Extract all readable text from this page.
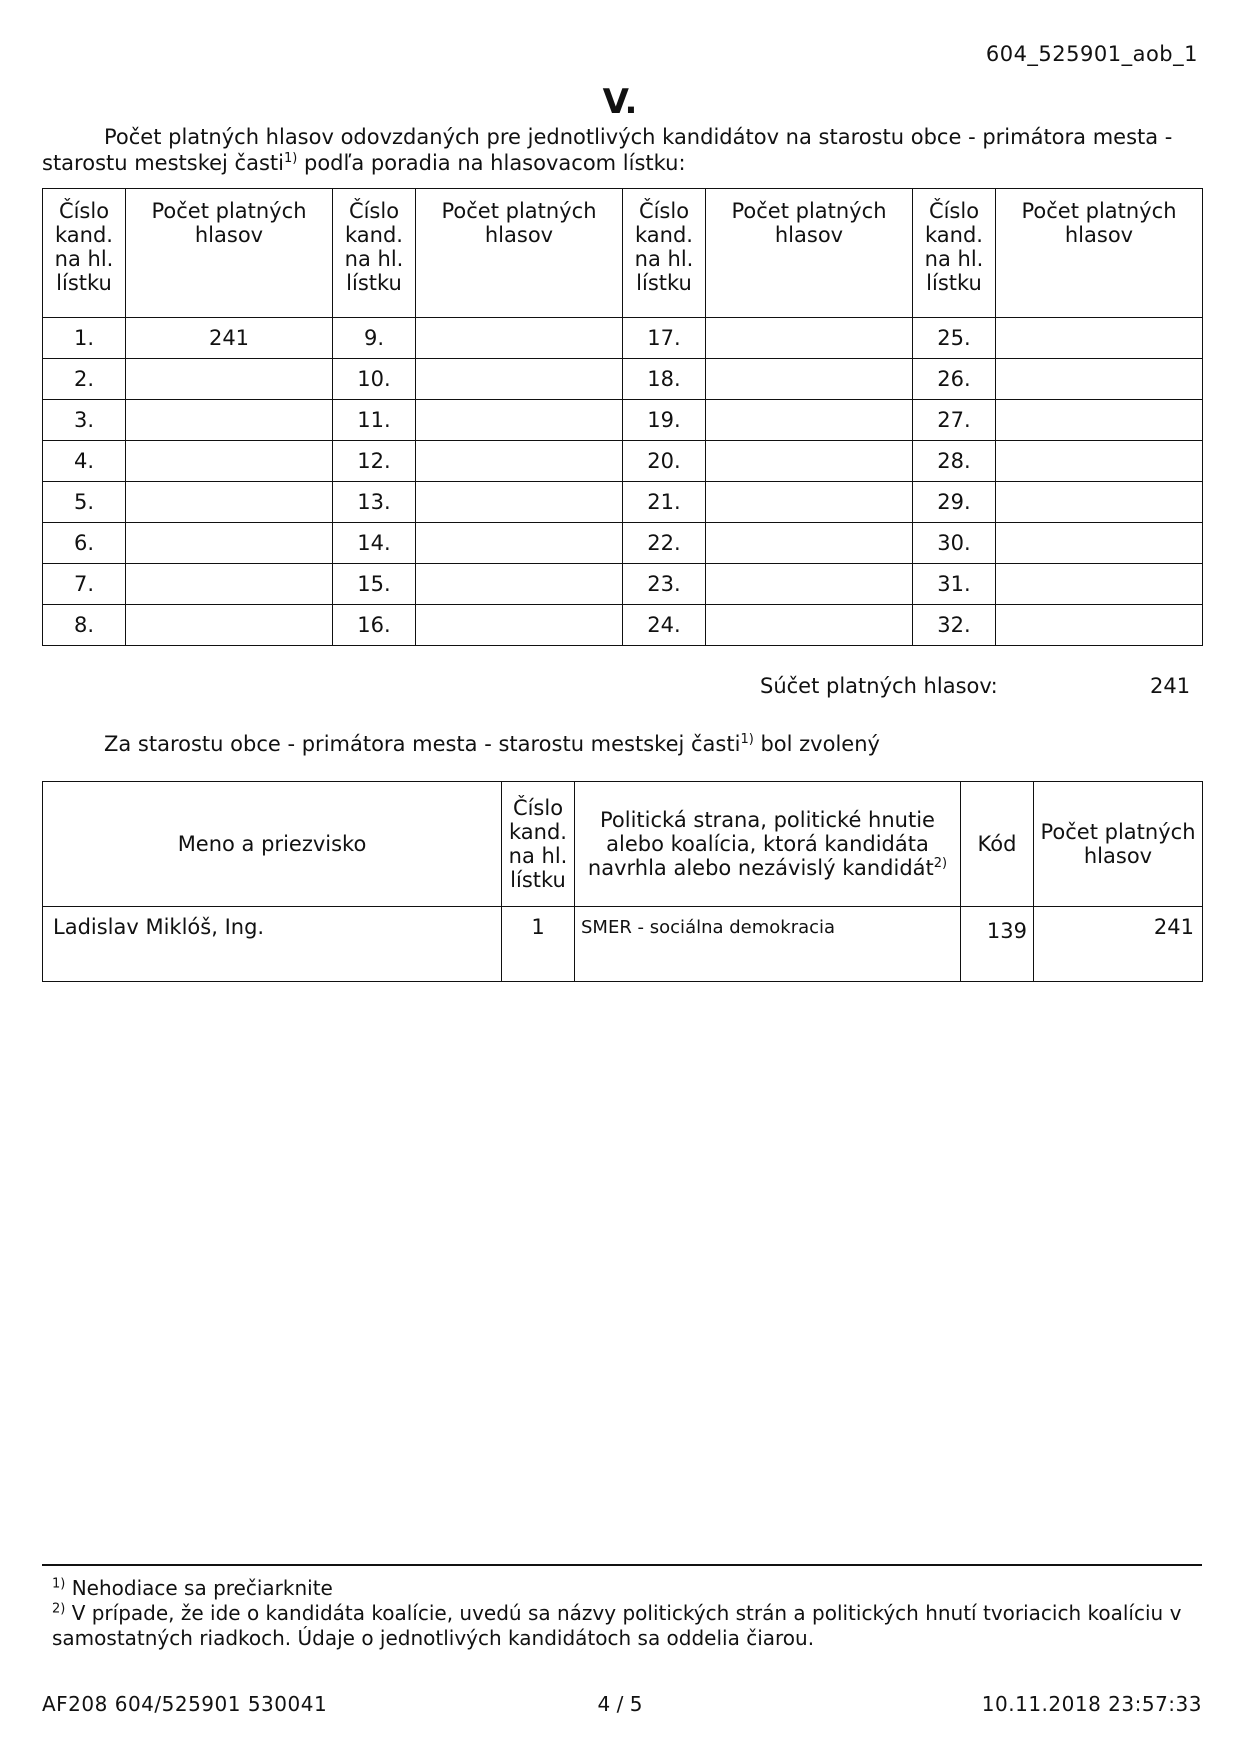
604_525901_aob_1
V.
Počet platných hlasov odovzdaných pre jednotlivých kandidátov na starostu obce - primátora mesta - starostu mestskej časti$^{1)}$ podľa poradia na hlasovacom lístku:
Číslo kand. na hl. lístku	Počet platných hlasov	Číslo kand. na hl. lístku	Počet platných hlasov	Číslo kand. na hl. lístku	Počet platných hlasov	Číslo kand. na hl. lístku	Počet platných hlasov
1.	241	9.		17.		25.	
2.		10.		18.		26.	
3.		11.		19.		27.	
4.		12.		20.		28.	
5.		13.		21.		29.	
6.		14.		22.		30.	
7.		15.		23.		31.	
8.		16.		24.		32.	
Súčet platných hlasov:	241
Za starostu obce - primátora mesta - starostu mestskej časti$^{1)}$ bol zvolený
Meno a priezvisko	Číslo kand. na hl. lístku	Politická strana, politické hnutie alebo koalícia, ktorá kandidáta navrhla alebo nezávislý kandidát$^{2)}$	Kód	Počet platných hlasov
Ladislav Miklóš, Ing.	1	SMER - sociálna demokracia	139	241
$^{1)}$ Nehodiace sa prečiarknite
$^{2)}$ V prípade, že ide o kandidáta koalície, uvedú sa názvy politických strán a politických hnutí tvoriacich koalíciu v samostatných riadkoch. Údaje o jednotlivých kandidátoch sa oddelia čiarou.
AF208 604/525901 530041	4 / 5	10.11.2018 23:57:33
